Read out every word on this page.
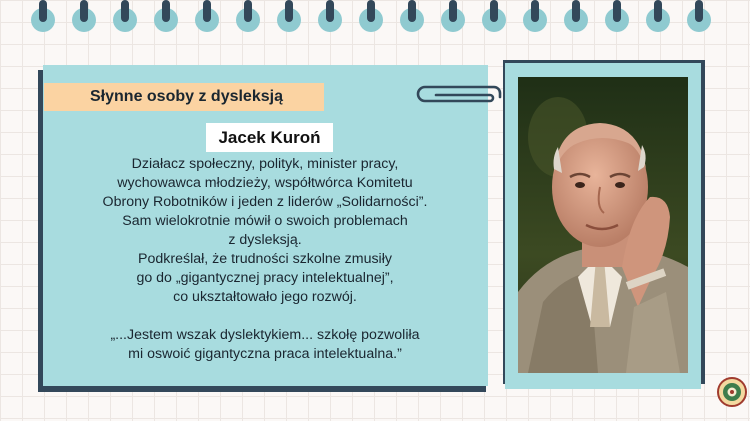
Słynne osoby z dysleksją
Jacek Kuroń

Działacz społeczny, polityk, minister pracy,

wychowawca młodzieży, współtwórca Komitetu

Obrony Robotników i jeden z liderów „Solidarności”.

Sam wielokrotnie mówił o swoich problemach

z dysleksją.

Podkreślał, że trudności szkolne zmusiły

go do „gigantycznej pracy intelektualnej”,

co ukształtowało jego rozwój.

„...Jestem wszak dyslektykiem... szkołę pozwoliła

mi oswoić gigantyczna praca intelektualna.”
